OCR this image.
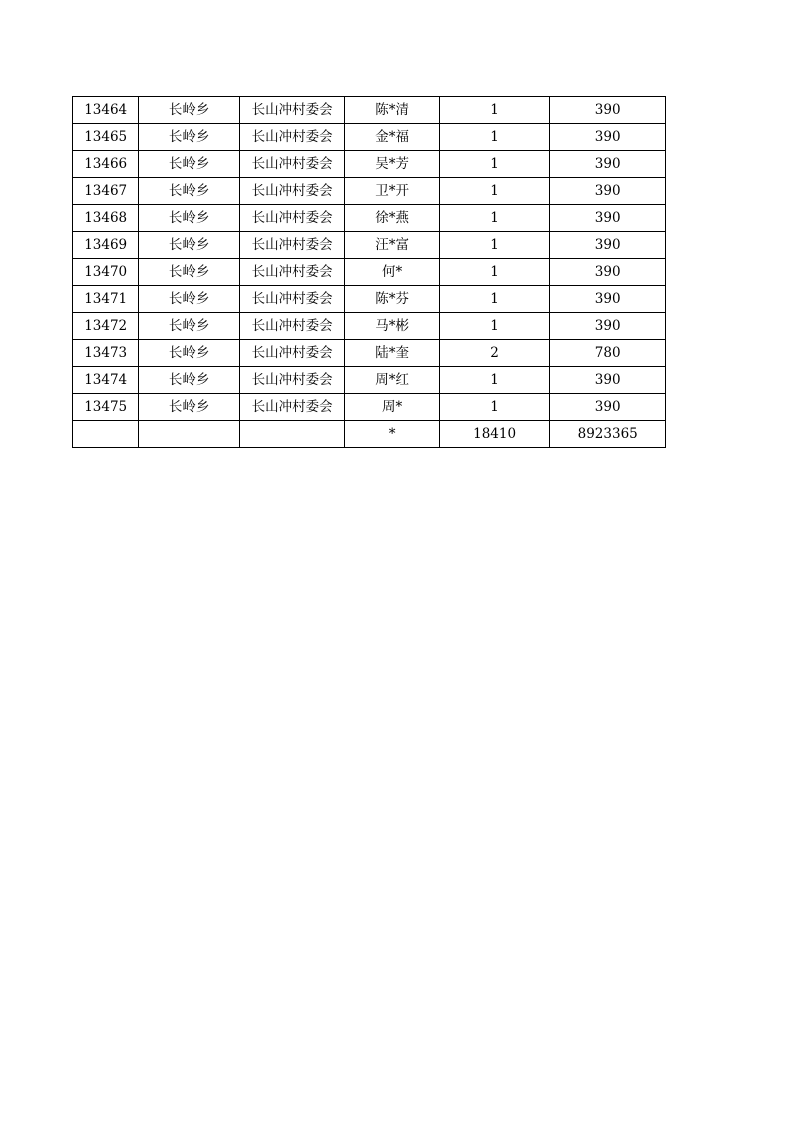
13464	长岭乡	长山冲村委会	陈*清	1	390
13465	长岭乡	长山冲村委会	金*福	1	390
13466	长岭乡	长山冲村委会	吴*芳	1	390
13467	长岭乡	长山冲村委会	卫*开	1	390
13468	长岭乡	长山冲村委会	徐*燕	1	390
13469	长岭乡	长山冲村委会	汪*富	1	390
13470	长岭乡	长山冲村委会	何*	1	390
13471	长岭乡	长山冲村委会	陈*芬	1	390
13472	长岭乡	长山冲村委会	马*彬	1	390
13473	长岭乡	长山冲村委会	陆*奎	2	780
13474	长岭乡	长山冲村委会	周*红	1	390
13475	长岭乡	长山冲村委会	周*	1	390
			*	18410	8923365
